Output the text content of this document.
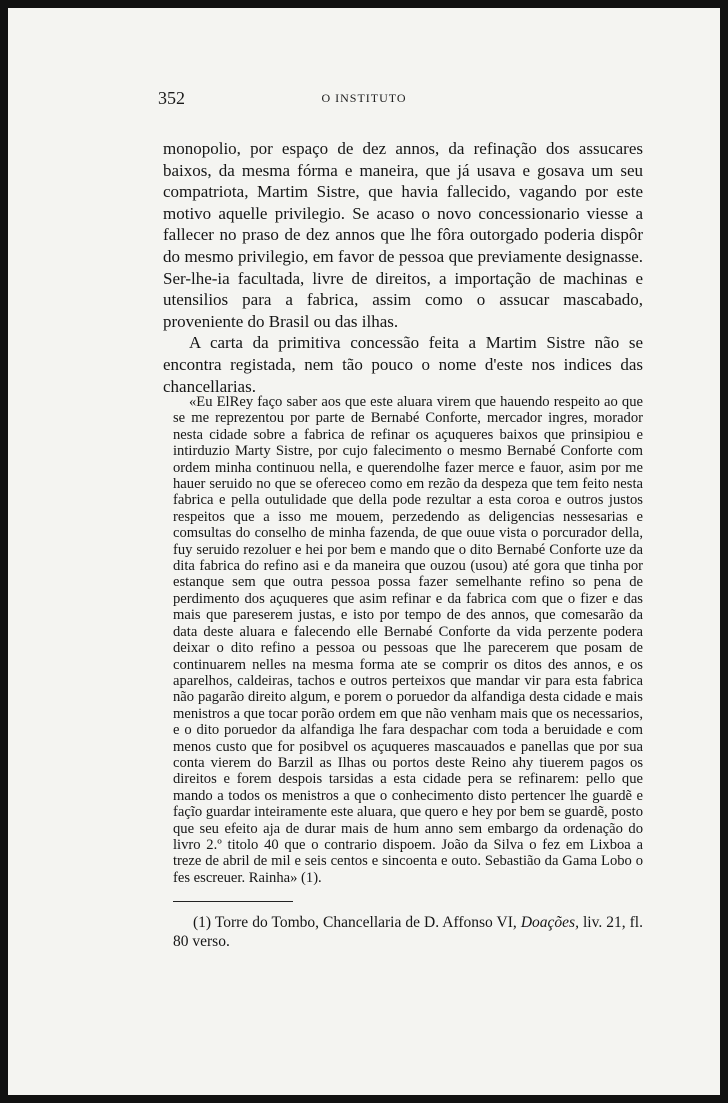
352	O INSTITUTO

monopolio, por espaço de dez annos, da refinação dos assucares baixos, da mesma fórma e maneira, que já usava e gosava um seu compatriota, Martim Sistre, que havia fallecido, vagando por este motivo aquelle privilegio. Se acaso o novo concessionario viesse a fallecer no praso de dez annos que lhe fôra outorgado poderia dispôr do mesmo privilegio, em favor de pessoa que previamente designasse. Ser-lhe-ia facultada, livre de direitos, a importação de machinas e utensilios para a fabrica, assim como o assucar mascabado, proveniente do Brasil ou das ilhas.

A carta da primitiva concessão feita a Martim Sistre não se encontra registada, nem tão pouco o nome d'este nos indices das chancellarias.

«Eu ElRey faço saber aos que este aluara virem que hauendo respeito ao que se me reprezentou por parte de Bernabé Conforte, mercador ingres, morador nesta cidade sobre a fabrica de refinar os açuqueres baixos que prinsipiou e intirduzio Marty Sistre, por cujo falecimento o mesmo Bernabé Conforte com ordem minha continuou nella, e querendolhe fazer merce e fauor, asim por me hauer seruido no que se ofereceo como em rezão da despeza que tem feito nesta fabrica e pella outulidade que della pode rezultar a esta coroa e outros justos respeitos que a isso me mouem, perzedendo as deligencias nessesarias e comsultas do conselho de minha fazenda, de que ouue vista o porcurador della, fuy seruido rezoluer e hei por bem e mando que o dito Bernabé Conforte uze da dita fabrica do refino asi e da maneira que ouzou (usou) até gora que tinha por estanque sem que outra pessoa possa fazer semelhante refino so pena de perdimento dos açuqueres que asim refinar e da fabrica com que o fizer e das mais que pareserem justas, e isto por tempo de des annos, que comesarão da data deste aluara e falecendo elle Bernabé Conforte da vida perzente podera deixar o dito refino a pessoa ou pessoas que lhe parecerem que posam de continuarem nelles na mesma forma ate se comprir os ditos des annos, e os aparelhos, caldeiras, tachos e outros perteixos que mandar vir para esta fabrica não pagarão direito algum, e porem o poruedor da alfandiga desta cidade e mais menistros a que tocar porão ordem em que não venham mais que os necessarios, e o dito poruedor da alfandiga lhe fara despachar com toda a beruidade e com menos custo que for posibvel os açuqueres mascauados e panellas que por sua conta vierem do Barzil as Ilhas ou portos deste Reino ahy tiuerem pagos os direitos e forem despois tarsidas a esta cidade pera se refinarem: pello que mando a todos os menistros a que o conhecimento disto pertencer lhe guardẽ e façĩo guardar inteiramente este aluara, que quero e hey por bem se guardẽ, posto que seu efeito aja de durar mais de hum anno sem embargo da ordenação do livro 2.º titolo 40 que o contrario dispoem. João da Silva o fez em Lixboa a treze de abril de mil e seis centos e sincoenta e outo. Sebastião da Gama Lobo o fes escreuer. Rainha» (1).
(1) Torre do Tombo, Chancellaria de D. Affonso VI, Doações, liv. 21, fl. 80 verso.
